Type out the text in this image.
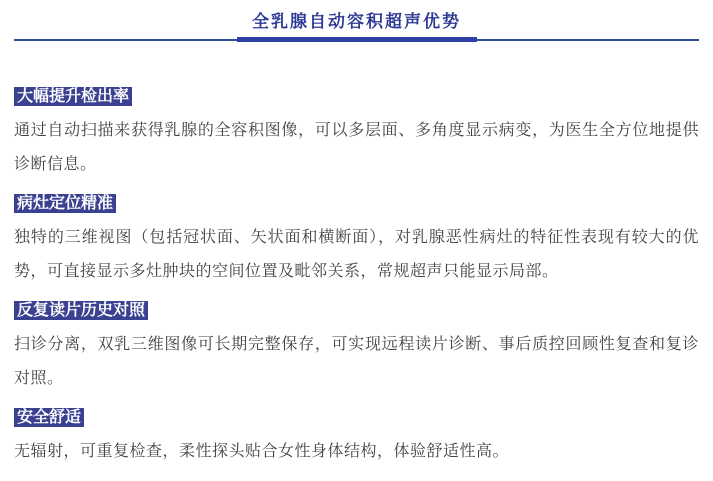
全乳腺自动容积超声优势
大幅提升检出率

通过自动扫描来获得乳腺的全容积图像，可以多层面、多角度显示病变，为医生全方位地提供诊断信息。

病灶定位精准

独特的三维视图（包括冠状面、矢状面和横断面），对乳腺恶性病灶的特征性表现有较大的优势，可直接显示多灶肿块的空间位置及毗邻关系，常规超声只能显示局部。

反复读片历史对照

扫诊分离，双乳三维图像可长期完整保存，可实现远程读片诊断、事后质控回顾性复查和复诊对照。

安全舒适

无辐射，可重复检查，柔性探头贴合女性身体结构，体验舒适性高。
